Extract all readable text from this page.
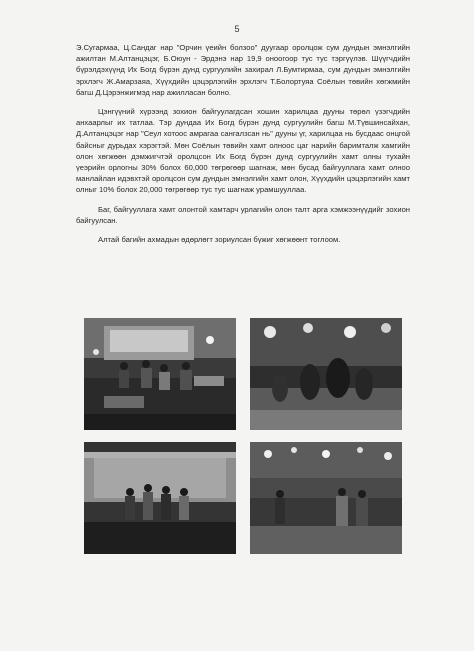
5

Э.Сугармаа, Ц.Сандаг нар "Орчин үеийн болзоо" дуугаар оролцож сум дундын эмнэлгийн ажилтан М.Алтанцэцэг, Б.Оюун - Эрдэнэ нар 19,9 оноогоор тус тус тэргүүлэв. Шүүгчдийн бүрэлдэхүүнд Их Богд бүрэн дунд сургуулийн захирал Л.Бумтирмаа, сум дундын эмнэлгийн эрхлэгч Ж.Амарзаяа, Хүүхдийн цэцэрлэгийн эрхлэгч Т.Болортуяа Соёлын төвийн хөгжмийн багш Д.Цэрэнжигмэд нар ажилласан болно.

Цэнгүүний хүрээнд зохион байгуулагдсан хошин харилцаа дууны төрөл үзэгчдийн анхаарлыг их татлаа. Тэр дундаа Их Богд бүрэн дунд сургуулийн багш М.Түвшинсайхан, Д.Алтанцэцэг нар "Сеул хотоос амрагаа сангалзсан нь" дууны үг, харилцаа нь бусдаас онцгой байсныг дурьдах хэрэгтэй. Мөн Соёлын төвийн хамт олноос цаг нарийн баримталж хамгийн олон хөгжөөн дэмжигчтэй оролцсон Их Богд бүрэн дунд сургуулийн хамт олны тухайн үеэрийн орлогны 30% болох 60,000 төгрөгөөр шагнаж, мөн бусад байгууллага хамт олноо манлайлан идэвхтэй оролцсон сум дундын эмнэлгийн хамт олон, Хүүхдийн цэцэрлэгийн хамт олныг 10% болох 20,000 төгрөгөөр тус тус шагнаж урамшууллаа.

Баг, байгууллага хамт олонтой хамтарч урлагийн олон талт арга хэмжээнүүдийг зохион байгуулсан.

Алтай багийн ахмадын өдөрлөгт зориулсан бүжиг хөгжөөнт тоглоом.
